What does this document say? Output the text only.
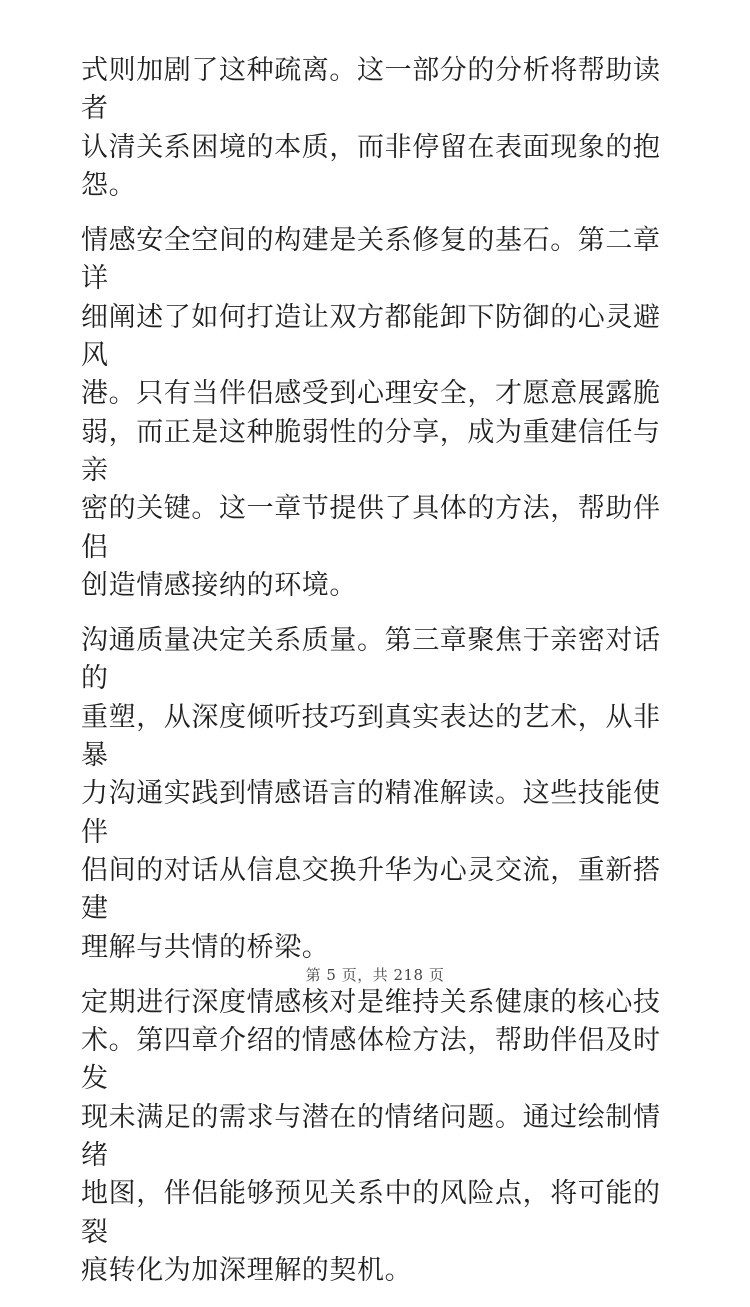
式则加剧了这种疏离。这一部分的分析将帮助读者
认清关系困境的本质，而非停留在表面现象的抱
怨。

情感安全空间的构建是关系修复的基石。第二章详
细阐述了如何打造让双方都能卸下防御的心灵避风
港。只有当伴侣感受到心理安全，才愿意展露脆
弱，而正是这种脆弱性的分享，成为重建信任与亲
密的关键。这一章节提供了具体的方法，帮助伴侣
创造情感接纳的环境。

沟通质量决定关系质量。第三章聚焦于亲密对话的
重塑，从深度倾听技巧到真实表达的艺术，从非暴
力沟通实践到情感语言的精准解读。这些技能使伴
侣间的对话从信息交换升华为心灵交流，重新搭建
理解与共情的桥梁。

定期进行深度情感核对是维持关系健康的核心技
术。第四章介绍的情感体检方法，帮助伴侣及时发
现未满足的需求与潜在的情绪问题。通过绘制情绪
地图，伴侣能够预见关系中的风险点，将可能的裂
痕转化为加深理解的契机。

第 5 页，共 218 页
